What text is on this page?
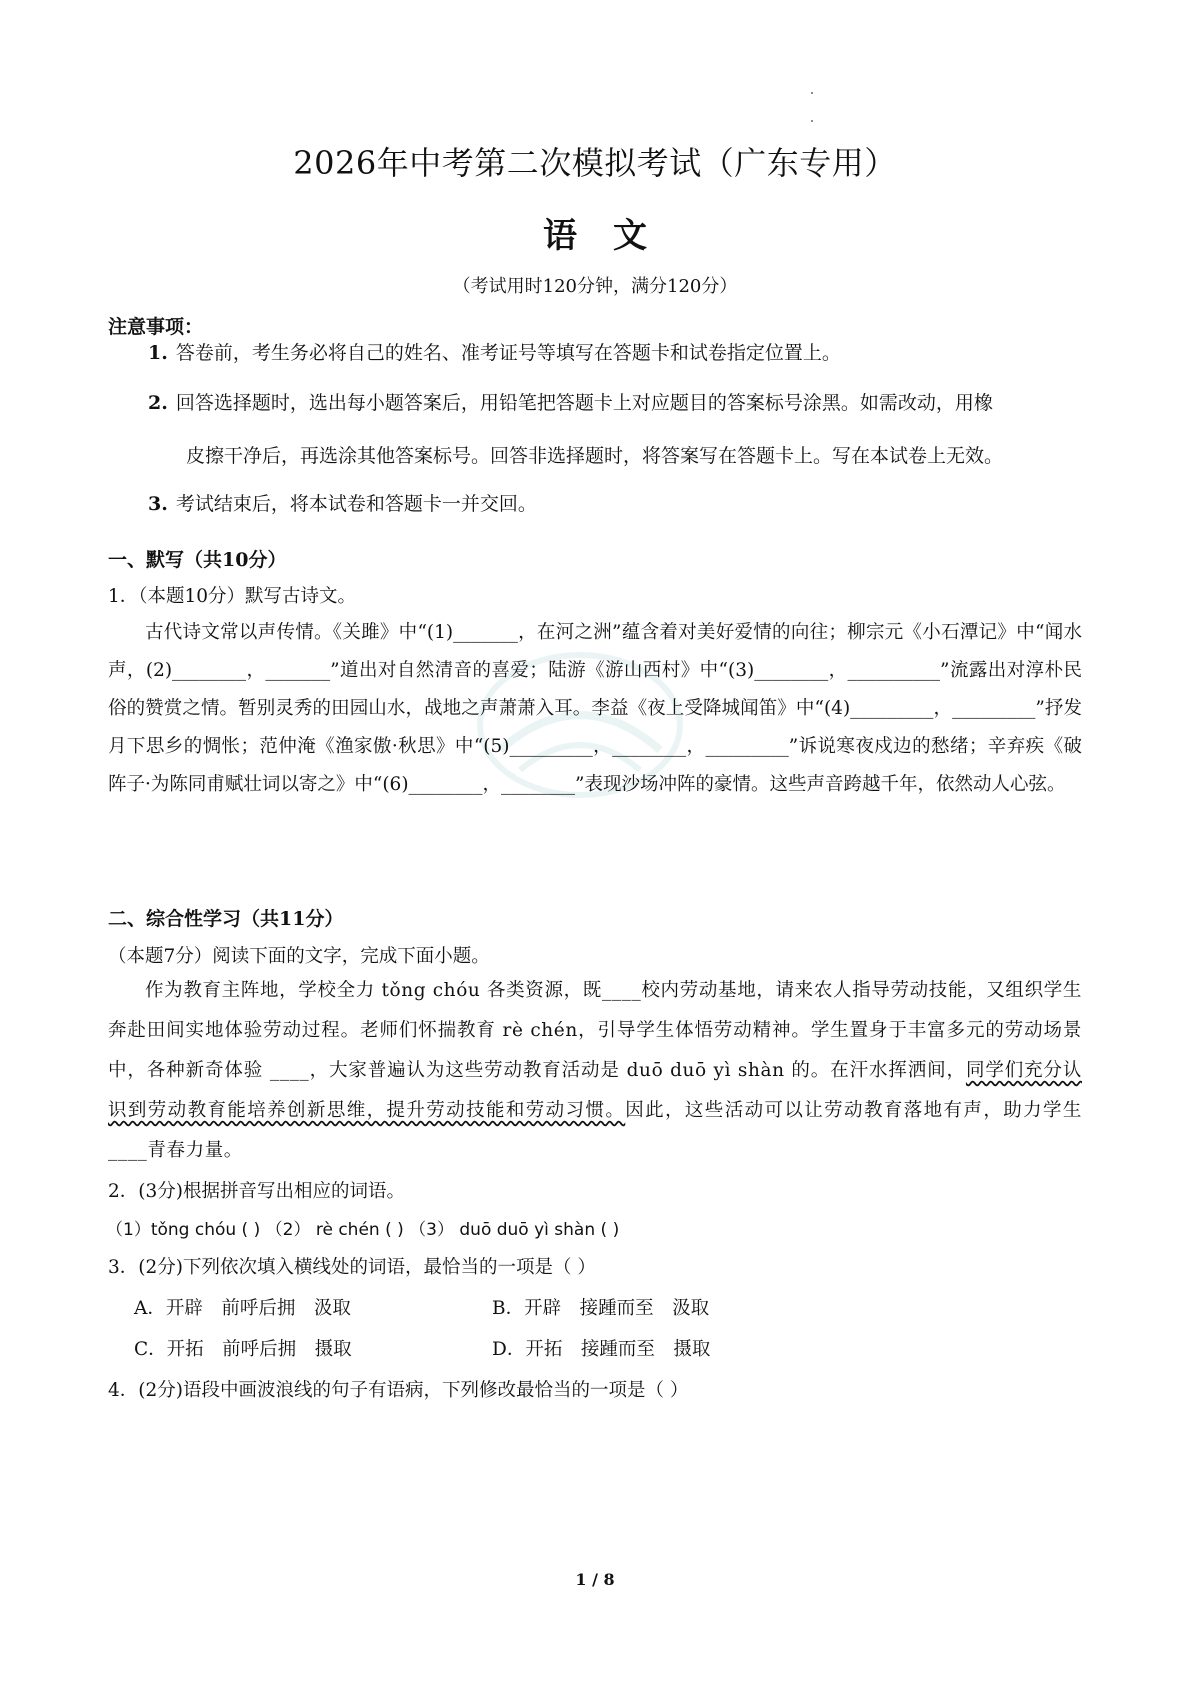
2026年中考第二次模拟考试（广东专用）
语文
（考试用时120分钟，满分120分）
注意事项：
1. 答卷前，考生务必将自己的姓名、准考证号等填写在答题卡和试卷指定位置上。
2. 回答选择题时，选出每小题答案后，用铅笔把答题卡上对应题目的答案标号涂黑。如需改动，用橡
皮擦干净后，再选涂其他答案标号。回答非选择题时，将答案写在答题卡上。写在本试卷上无效。
3. 考试结束后，将本试卷和答题卡一并交回。
一、默写（共10分）
1．（本题10分）默写古诗文。
古代诗文常以声传情。《关雎》中“(1)_______，在河之洲”蕴含着对美好爱情的向往；柳宗元《小石潭记》中“闻水声，(2)________，_______”道出对自然清音的喜爱；陆游《游山西村》中“(3)________，__________”流露出对淳朴民俗的赞赏之情。暂别灵秀的田园山水，战地之声萧萧入耳。李益《夜上受降城闻笛》中“(4)_________，_________”抒发月下思乡的惆怅；范仲淹《渔家傲·秋思》中“(5)_________，________，_________”诉说寒夜戍边的愁绪；辛弃疾《破阵子·为陈同甫赋壮词以寄之》中“(6)________，________”表现沙场冲阵的豪情。这些声音跨越千年，依然动人心弦。
二、综合性学习（共11分）
（本题7分）阅读下面的文字，完成下面小题。
作为教育主阵地，学校全力 tǒng chóu 各类资源，既____校内劳动基地，请来农人指导劳动技能，又组织学生奔赴田间实地体验劳动过程。老师们怀揣教育 rè chén，引导学生体悟劳动精神。学生置身于丰富多元的劳动场景中，各种新奇体验 ____，大家普遍认为这些劳动教育活动是 duō duō yì shàn 的。在汗水挥洒间，同学们充分认识到劳动教育能培养创新思维，提升劳动技能和劳动习惯。因此，这些活动可以让劳动教育落地有声，助力学生____青春力量。
2．(3分)根据拼音写出相应的词语。
（1）tǒng chóu ( ) （2） rè chén ( ) （3） duō duō yì shàn ( )
3．(2分)下列依次填入横线处的词语，最恰当的一项是（ ）
A．开辟　前呼后拥　汲取	B．开辟　接踵而至　汲取
C．开拓　前呼后拥　摄取	D．开拓　接踵而至　摄取
4．(2分)语段中画波浪线的句子有语病，下列修改最恰当的一项是（ ）
1 / 8
